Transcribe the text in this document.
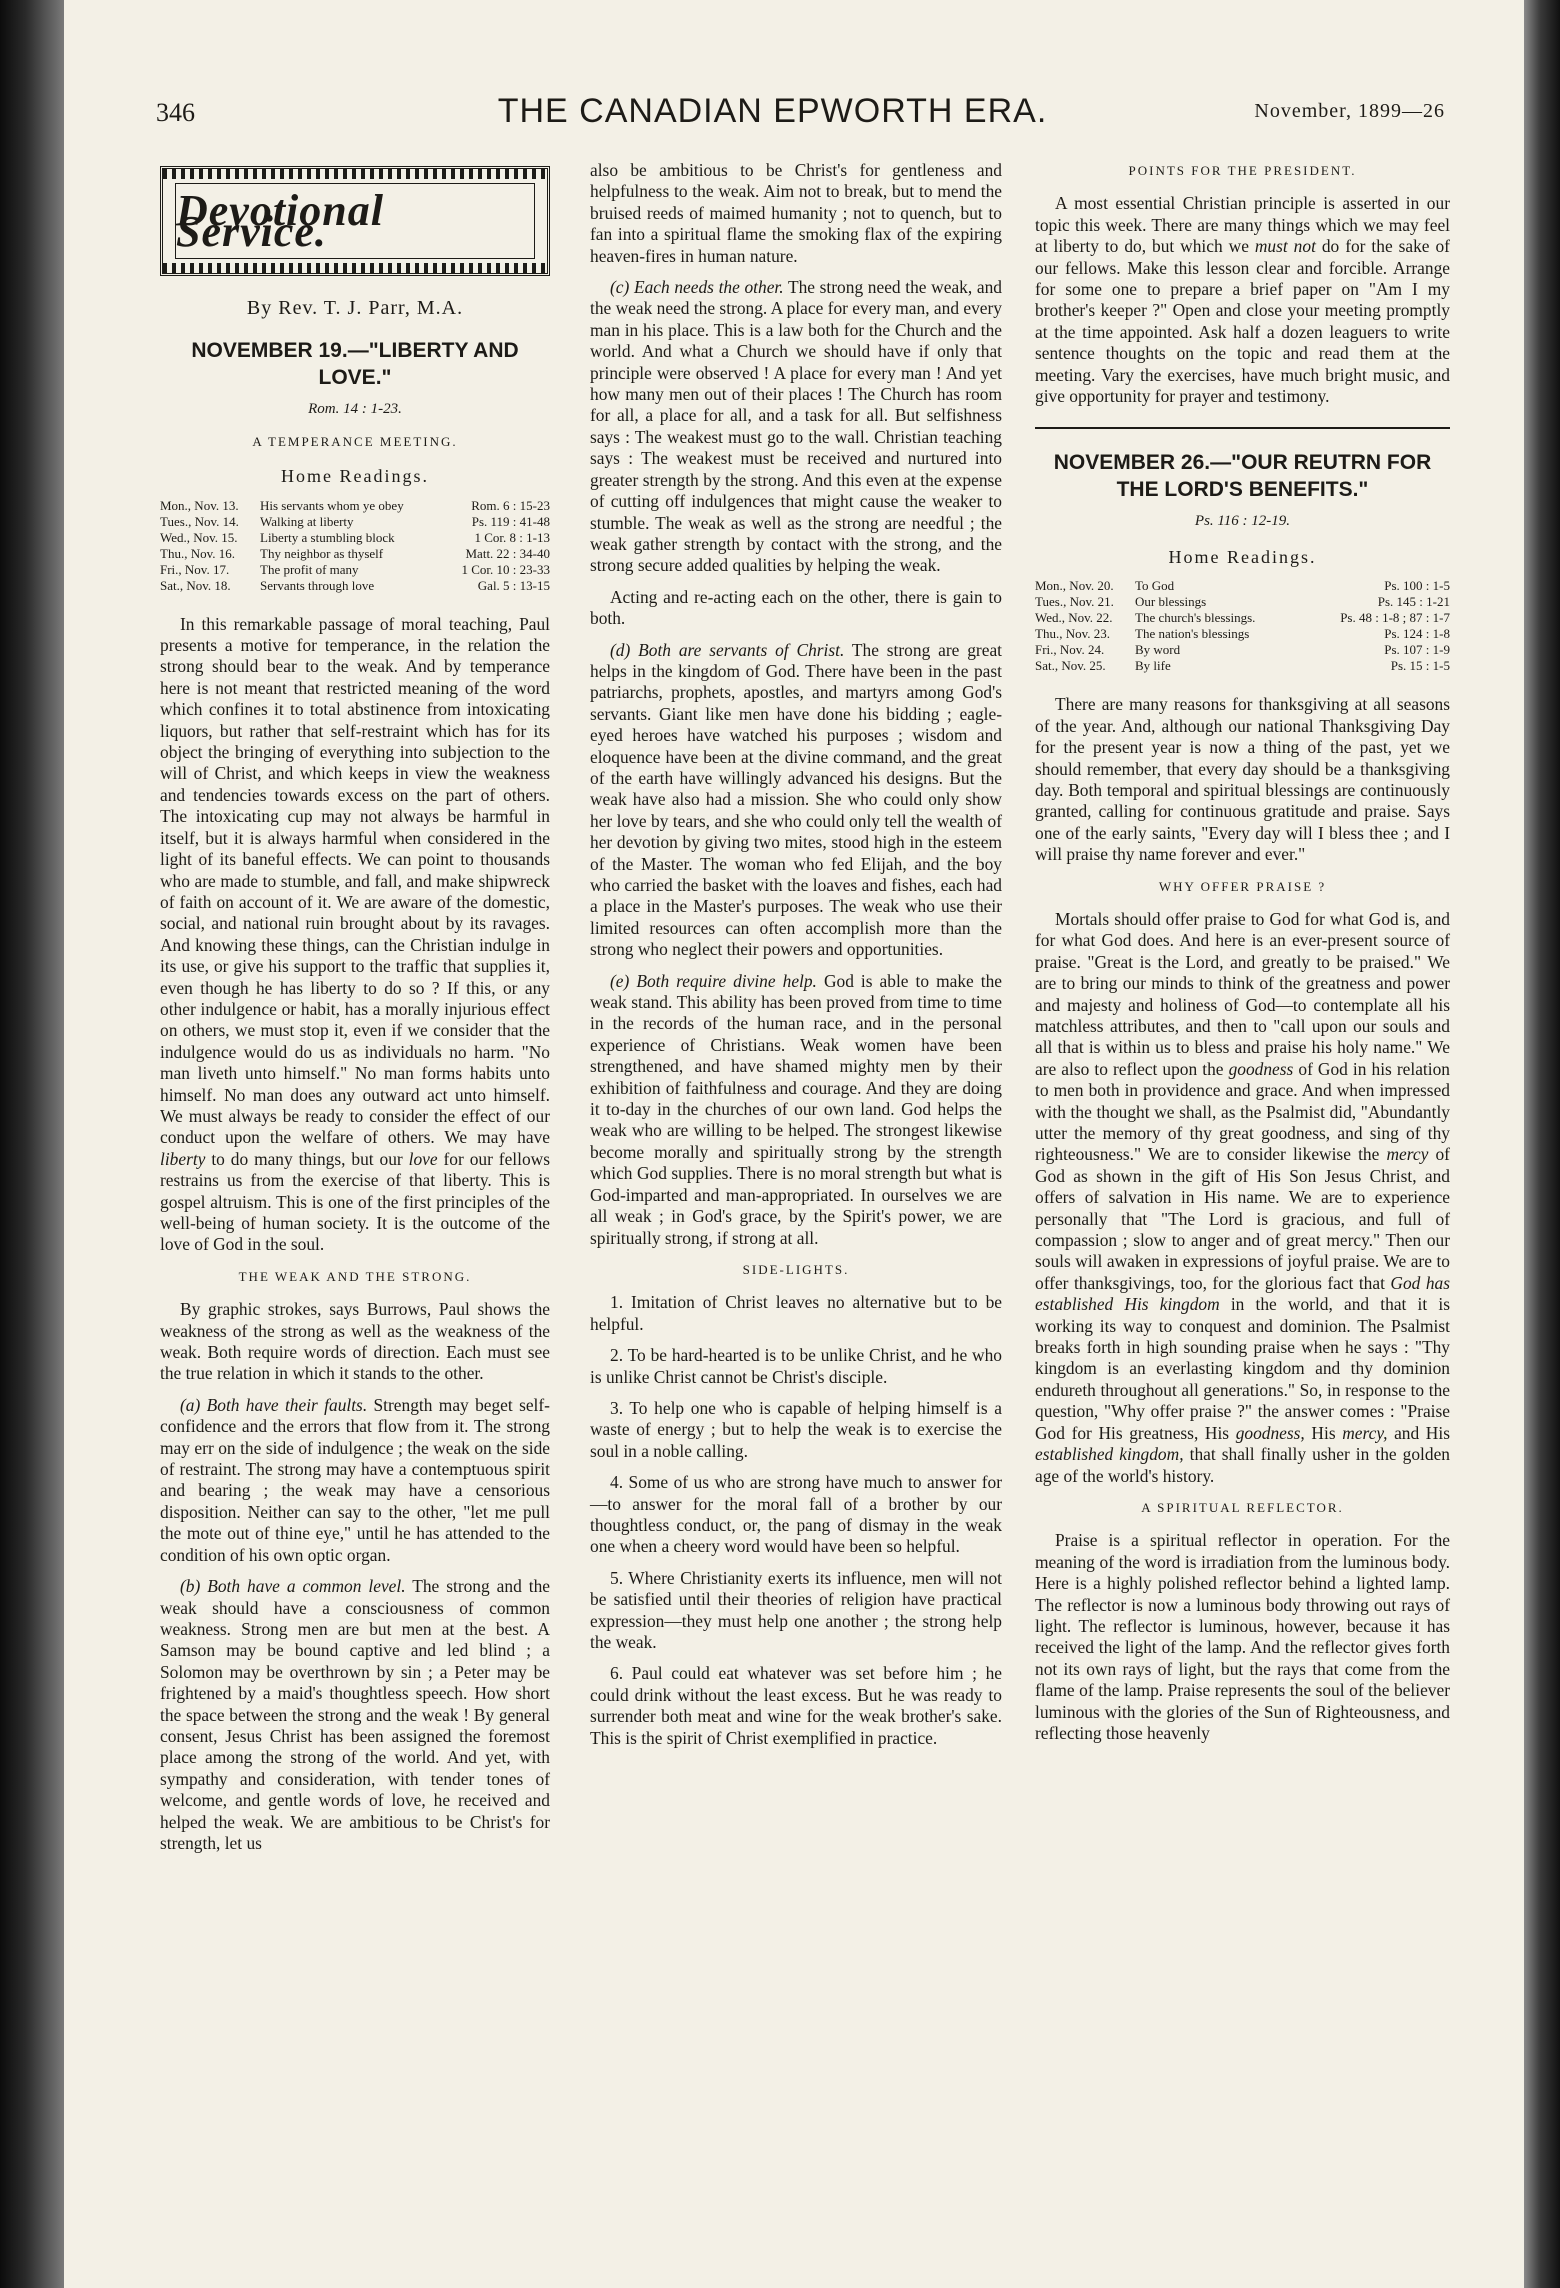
346	THE CANADIAN EPWORTH ERA.	November, 1899—26
Devotional Service.
By Rev. T. J. Parr, M.A.
NOVEMBER 19.—"LIBERTY AND LOVE."
Rom. 14 : 1-23.
A TEMPERANCE MEETING.
Home Readings.
Mon., Nov. 13.	His servants whom ye obey	Rom. 6 : 15-23
Tues., Nov. 14.	Walking at liberty	Ps. 119 : 41-48
Wed., Nov. 15.	Liberty a stumbling block	1 Cor. 8 : 1-13
Thu., Nov. 16.	Thy neighbor as thyself	Matt. 22 : 34-40
Fri., Nov. 17.	The profit of many	1 Cor. 10 : 23-33
Sat., Nov. 18.	Servants through love	Gal. 5 : 13-15

In this remarkable passage of moral teaching, Paul presents a motive for temperance, in the relation the strong should bear to the weak. And by temperance here is not meant that restricted meaning of the word which confines it to total abstinence from intoxicating liquors, but rather that self-restraint which has for its object the bringing of everything into subjection to the will of Christ, and which keeps in view the weakness and tendencies towards excess on the part of others. The intoxicating cup may not always be harmful in itself, but it is always harmful when considered in the light of its baneful effects. We can point to thousands who are made to stumble, and fall, and make shipwreck of faith on account of it. We are aware of the domestic, social, and national ruin brought about by its ravages. And knowing these things, can the Christian indulge in its use, or give his support to the traffic that supplies it, even though he has liberty to do so ? If this, or any other indulgence or habit, has a morally injurious effect on others, we must stop it, even if we consider that the indulgence would do us as individuals no harm. "No man liveth unto himself." No man forms habits unto himself. No man does any outward act unto himself. We must always be ready to consider the effect of our conduct upon the welfare of others. We may have liberty to do many things, but our love for our fellows restrains us from the exercise of that liberty. This is gospel altruism. This is one of the first principles of the well-being of human society. It is the outcome of the love of God in the soul.

THE WEAK AND THE STRONG.

By graphic strokes, says Burrows, Paul shows the weakness of the strong as well as the weakness of the weak. Both require words of direction. Each must see the true relation in which it stands to the other.

(a) Both have their faults. Strength may beget self-confidence and the errors that flow from it. The strong may err on the side of indulgence ; the weak on the side of restraint. The strong may have a contemptuous spirit and bearing ; the weak may have a censorious disposition. Neither can say to the other, "let me pull the mote out of thine eye," until he has attended to the condition of his own optic organ.

(b) Both have a common level. The strong and the weak should have a consciousness of common weakness. Strong men are but men at the best. A Samson may be bound captive and led blind ; a Solomon may be overthrown by sin ; a Peter may be frightened by a maid's thoughtless speech. How short the space between the strong and the weak ! By general consent, Jesus Christ has been assigned the foremost place among the strong of the world. And yet, with sympathy and consideration, with tender tones of welcome, and gentle words of love, he received and helped the weak. We are ambitious to be Christ's for strength, let us

also be ambitious to be Christ's for gentleness and helpfulness to the weak. Aim not to break, but to mend the bruised reeds of maimed humanity ; not to quench, but to fan into a spiritual flame the smoking flax of the expiring heaven-fires in human nature.

(c) Each needs the other. The strong need the weak, and the weak need the strong. A place for every man, and every man in his place. This is a law both for the Church and the world. And what a Church we should have if only that principle were observed ! A place for every man ! And yet how many men out of their places ! The Church has room for all, a place for all, and a task for all. But selfishness says : The weakest must go to the wall. Christian teaching says : The weakest must be received and nurtured into greater strength by the strong. And this even at the expense of cutting off indulgences that might cause the weaker to stumble. The weak as well as the strong are needful ; the weak gather strength by contact with the strong, and the strong secure added qualities by helping the weak.

Acting and re-acting each on the other, there is gain to both.

(d) Both are servants of Christ. The strong are great helps in the kingdom of God. There have been in the past patriarchs, prophets, apostles, and martyrs among God's servants. Giant like men have done his bidding ; eagle-eyed heroes have watched his purposes ; wisdom and eloquence have been at the divine command, and the great of the earth have willingly advanced his designs. But the weak have also had a mission. She who could only show her love by tears, and she who could only tell the wealth of her devotion by giving two mites, stood high in the esteem of the Master. The woman who fed Elijah, and the boy who carried the basket with the loaves and fishes, each had a place in the Master's purposes. The weak who use their limited resources can often accomplish more than the strong who neglect their powers and opportunities.

(e) Both require divine help. God is able to make the weak stand. This ability has been proved from time to time in the records of the human race, and in the personal experience of Christians. Weak women have been strengthened, and have shamed mighty men by their exhibition of faithfulness and courage. And they are doing it to-day in the churches of our own land. God helps the weak who are willing to be helped. The strongest likewise become morally and spiritually strong by the strength which God supplies. There is no moral strength but what is God-imparted and man-appropriated. In ourselves we are all weak ; in God's grace, by the Spirit's power, we are spiritually strong, if strong at all.

SIDE-LIGHTS.

1. Imitation of Christ leaves no alternative but to be helpful.

2. To be hard-hearted is to be unlike Christ, and he who is unlike Christ cannot be Christ's disciple.

3. To help one who is capable of helping himself is a waste of energy ; but to help the weak is to exercise the soul in a noble calling.

4. Some of us who are strong have much to answer for—to answer for the moral fall of a brother by our thoughtless conduct, or, the pang of dismay in the weak one when a cheery word would have been so helpful.

5. Where Christianity exerts its influence, men will not be satisfied until their theories of religion have practical expression—they must help one another ; the strong help the weak.

6. Paul could eat whatever was set before him ; he could drink without the least excess. But he was ready to surrender both meat and wine for the weak brother's sake. This is the spirit of Christ exemplified in practice.

POINTS FOR THE PRESIDENT.

A most essential Christian principle is asserted in our topic this week. There are many things which we may feel at liberty to do, but which we must not do for the sake of our fellows. Make this lesson clear and forcible. Arrange for some one to prepare a brief paper on "Am I my brother's keeper ?" Open and close your meeting promptly at the time appointed. Ask half a dozen leaguers to write sentence thoughts on the topic and read them at the meeting. Vary the exercises, have much bright music, and give opportunity for prayer and testimony.

NOVEMBER 26.—"OUR REUTRN FOR THE LORD'S BENEFITS."
Ps. 116 : 12-19.
Home Readings.
Mon., Nov. 20.	To God	Ps. 100 : 1-5
Tues., Nov. 21.	Our blessings	Ps. 145 : 1-21
Wed., Nov. 22.	The church's blessings.	Ps. 48 : 1-8 ; 87 : 1-7
Thu., Nov. 23.	The nation's blessings	Ps. 124 : 1-8
Fri., Nov. 24.	By word	Ps. 107 : 1-9
Sat., Nov. 25.	By life	Ps. 15 : 1-5

There are many reasons for thanksgiving at all seasons of the year. And, although our national Thanksgiving Day for the present year is now a thing of the past, yet we should remember, that every day should be a thanksgiving day. Both temporal and spiritual blessings are continuously granted, calling for continuous gratitude and praise. Says one of the early saints, "Every day will I bless thee ; and I will praise thy name forever and ever."

WHY OFFER PRAISE ?

Mortals should offer praise to God for what God is, and for what God does. And here is an ever-present source of praise. "Great is the Lord, and greatly to be praised." We are to bring our minds to think of the greatness and power and majesty and holiness of God—to contemplate all his matchless attributes, and then to "call upon our souls and all that is within us to bless and praise his holy name." We are also to reflect upon the goodness of God in his relation to men both in providence and grace. And when impressed with the thought we shall, as the Psalmist did, "Abundantly utter the memory of thy great goodness, and sing of thy righteousness." We are to consider likewise the mercy of God as shown in the gift of His Son Jesus Christ, and offers of salvation in His name. We are to experience personally that "The Lord is gracious, and full of compassion ; slow to anger and of great mercy." Then our souls will awaken in expressions of joyful praise. We are to offer thanksgivings, too, for the glorious fact that God has established His kingdom in the world, and that it is working its way to conquest and dominion. The Psalmist breaks forth in high sounding praise when he says : "Thy kingdom is an everlasting kingdom and thy dominion endureth throughout all generations." So, in response to the question, "Why offer praise ?" the answer comes : "Praise God for His greatness, His goodness, His mercy, and His established kingdom, that shall finally usher in the golden age of the world's history.

A SPIRITUAL REFLECTOR.

Praise is a spiritual reflector in operation. For the meaning of the word is irradiation from the luminous body. Here is a highly polished reflector behind a lighted lamp. The reflector is now a luminous body throwing out rays of light. The reflector is luminous, however, because it has received the light of the lamp. And the reflector gives forth not its own rays of light, but the rays that come from the flame of the lamp. Praise represents the soul of the believer luminous with the glories of the Sun of Righteousness, and reflecting those heavenly
